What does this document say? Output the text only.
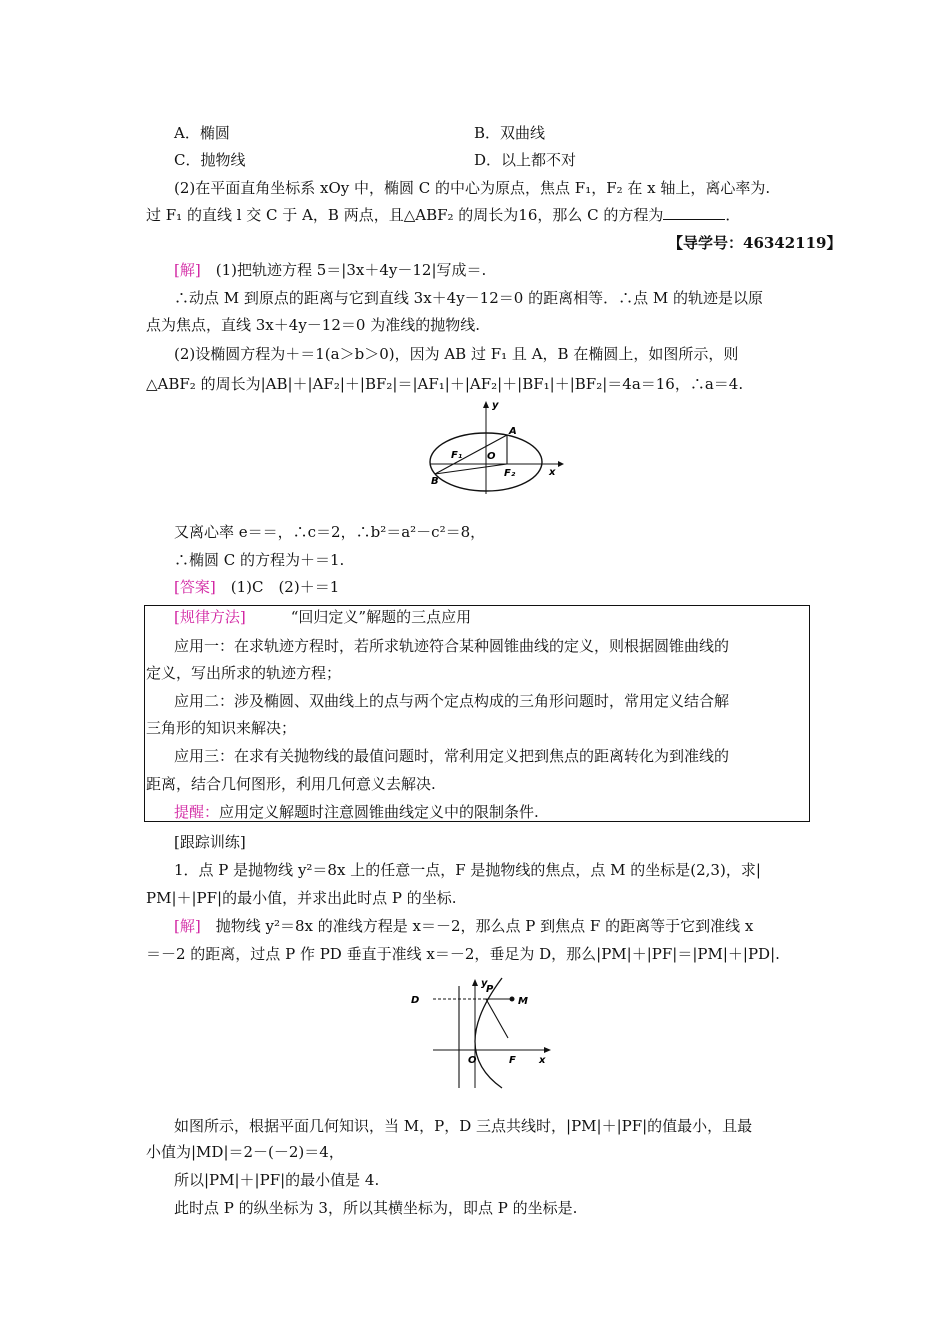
A．椭圆	B．双曲线
C．抛物线	D．以上都不对
(2)在平面直角坐标系 xOy 中，椭圆 C 的中心为原点，焦点 F₁，F₂ 在 x 轴上，离心率为.
过 F₁ 的直线 l 交 C 于 A，B 两点，且△ABF₂ 的周长为16，那么 C 的方程为	．
【导学号：46342119】
[解]　 (1)把轨迹方程 5＝|3x＋4y－12|写成＝.
∴动点 M 到原点的距离与它到直线 3x＋4y－12＝0 的距离相等．∴点 M 的轨迹是以原
点为焦点，直线 3x＋4y－12＝0 为准线的抛物线.
(2)设椭圆方程为＋＝1(a＞b＞0)，因为 AB 过 F₁ 且 A，B 在椭圆上，如图所示，则
△ABF₂ 的周长为|AB|＋|AF₂|＋|BF₂|＝|AF₁|＋|AF₂|＋|BF₁|＋|BF₂|＝4a＝16，∴a＝4.
y
x
A
B
O
F₁
F₂
又离心率 e＝＝，∴c＝2，∴b²＝a²－c²＝8，
∴椭圆 C 的方程为＋＝1.
[答案]　 (1)C　(2)＋＝1
[规律方法]　　　	“回归定义”解题的三点应用
应用一：在求轨迹方程时，若所求轨迹符合某种圆锥曲线的定义，则根据圆锥曲线的
定义，写出所求的轨迹方程；
应用二：涉及椭圆、双曲线上的点与两个定点构成的三角形问题时，常用定义结合解
三角形的知识来解决；
应用三：在求有关抛物线的最值问题时，常利用定义把到焦点的距离转化为到准线的
距离，结合几何图形，利用几何意义去解决.
提醒：应用定义解题时注意圆锥曲线定义中的限制条件.
[跟踪训练]
1．点 P 是抛物线 y²＝8x 上的任意一点，F 是抛物线的焦点，点 M 的坐标是(2,3)，求|
PM|＋|PF|的最小值，并求出此时点 P 的坐标.
[解]　 抛物线 y²＝8x 的准线方程是 x＝－2，那么点 P 到焦点 F 的距离等于它到准线 x
＝－2 的距离，过点 P 作 PD 垂直于准线 x＝－2，垂足为 D，那么|PM|＋|PF|＝|PM|＋|PD|.
y
x
D
P
M
O	F
如图所示，根据平面几何知识，当 M，P，D 三点共线时，|PM|＋|PF|的值最小，且最
小值为|MD|＝2－(－2)＝4，
所以|PM|＋|PF|的最小值是 4.
此时点 P 的纵坐标为 3，所以其横坐标为，即点 P 的坐标是.
